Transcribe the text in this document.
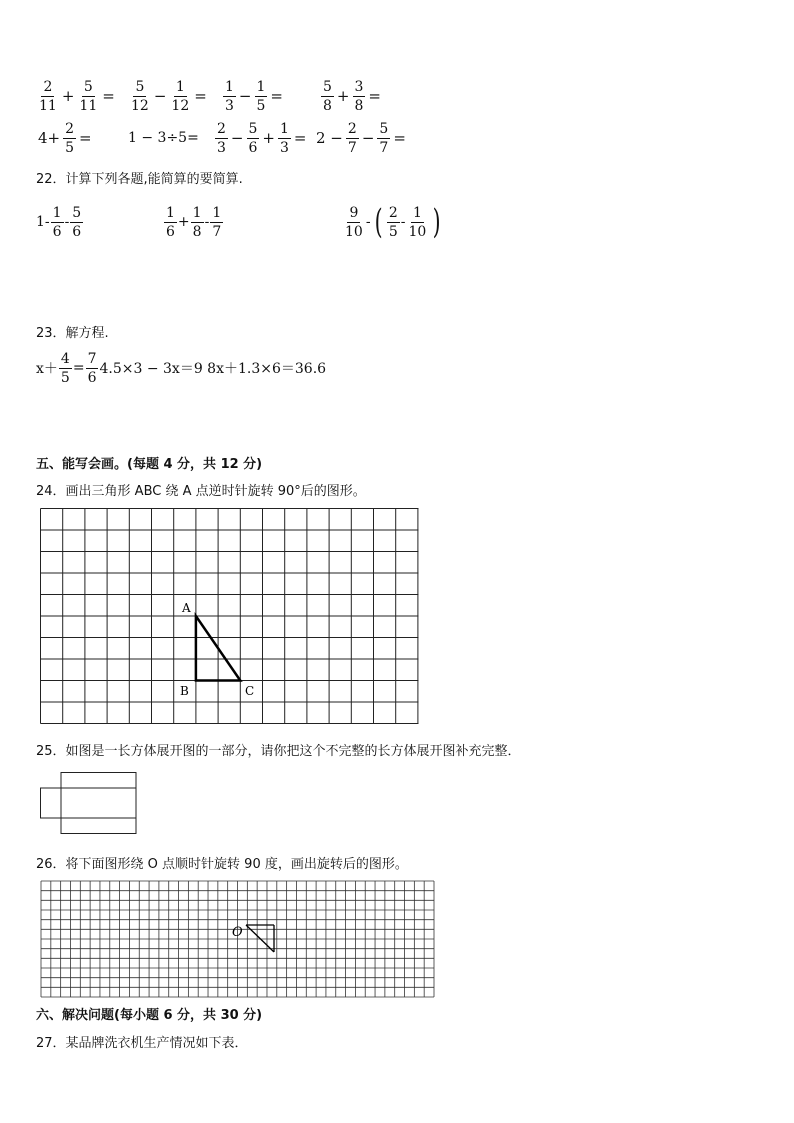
$\frac{2}{11} + \frac{5}{11} = \frac{5}{12} - \frac{1}{12} = \frac{1}{3} - \frac{1}{5}$ =	$\frac{5}{8} + \frac{3}{8}$ =
$4+ \frac{2}{5}$ =	$1 - 3\div 5= \frac{2}{3} - \frac{5}{6} + \frac{1}{3} = 2 - \frac{2}{7} - \frac{5}{7}$ =
22．计算下列各题,能简算的要简算.
$1- \frac{1}{6} - \frac{5}{6}$	$\frac{1}{6} + \frac{1}{8} - \frac{1}{7}$	$\frac{9}{10}$ - ( $\frac{2}{5} - \frac{1}{10}$ )
23．解方程.
$x+ \frac{4}{5} = \frac{7}{6} 4.5\times 3 - 3x=9$ 8x＋1.3×6＝36.6
五、能写会画。(每题 4 分，共 12 分)
24．画出三角形 ABC 绕 A 点逆时针旋转 90°后的图形。
A
B	C
25．如图是一长方体展开图的一部分，请你把这个不完整的长方体展开图补充完整．
26．将下面图形绕 O 点顺时针旋转 90 度，画出旋转后的图形。
O
六、解决问题(每小题 6 分，共 30 分)
27．某品牌洗衣机生产情况如下表．
